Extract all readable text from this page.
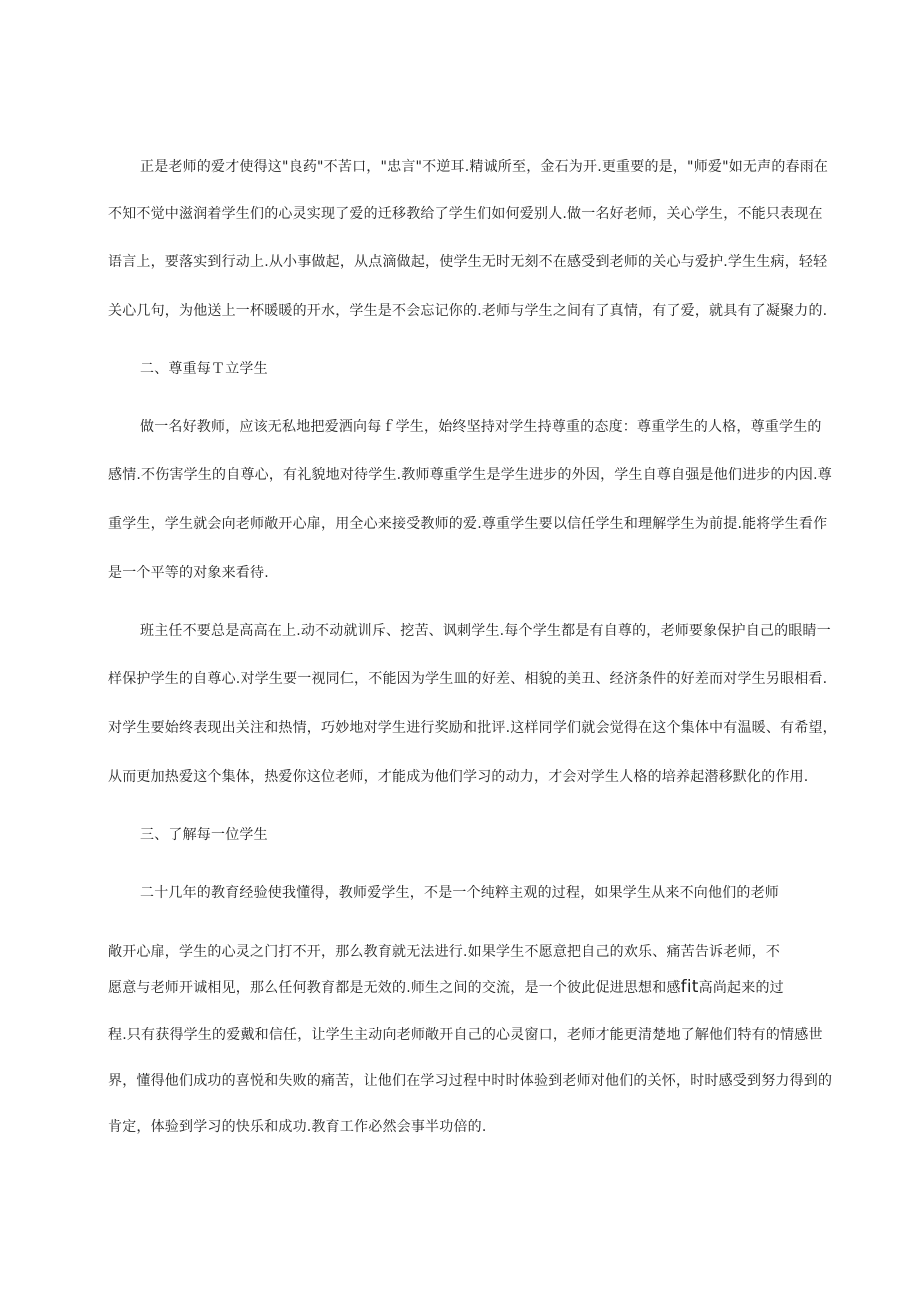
正是老师的爱才使得这"良药"不苦口，"忠言"不逆耳.精诚所至，金石为开.更重要的是，"师爱"如无声的春雨在
不知不觉中滋润着学生们的心灵实现了爱的迁移教给了学生们如何爱别人.做一名好老师，关心学生，不能只表现在
语言上，要落实到行动上.从小事做起，从点滴做起，使学生无时无刻不在感受到老师的关心与爱护.学生生病，轻轻
关心几句，为他送上一杯暖暖的开水，学生是不会忘记你的.老师与学生之间有了真情，有了爱，就具有了凝聚力的.
二、尊重每Ｔ立学生
做一名好教师，应该无私地把爱洒向每ｆ学生，始终坚持对学生持尊重的态度：尊重学生的人格，尊重学生的
感情.不伤害学生的自尊心，有礼貌地对待学生.教师尊重学生是学生进步的外因，学生自尊自强是他们进步的内因.尊
重学生，学生就会向老师敞开心扉，用全心来接受教师的爱.尊重学生要以信任学生和理解学生为前提.能将学生看作
是一个平等的对象来看待.
班主任不要总是高高在上.动不动就训斥、挖苦、讽刺学生.每个学生都是有自尊的，老师要象保护自己的眼睛一
样保护学生的自尊心.对学生要一视同仁，不能因为学生皿的好差、相貌的美丑、经济条件的好差而对学生另眼相看.
对学生要始终表现出关注和热情，巧妙地对学生进行奖励和批评.这样同学们就会觉得在这个集体中有温暖、有希望，
从而更加热爱这个集体，热爱你这位老师，才能成为他们学习的动力，才会对学生人格的培养起潜移默化的作用.
三、了解每一位学生
二十几年的教育经验使我懂得，教师爱学生，不是一个纯粹主观的过程，如果学生从来不向他们的老师
敞开心扉，学生的心灵之门打不开，那么教育就无法进行.如果学生不愿意把自己的欢乐、痛苦告诉老师，不
愿意与老师开诚相见，那么任何教育都是无效的.师生之间的交流，是一个彼此促进思想和感fit高尚起来的过
程.只有获得学生的爱戴和信任，让学生主动向老师敞开自己的心灵窗口，老师才能更清楚地了解他们特有的情感世
界，懂得他们成功的喜悦和失败的痛苦，让他们在学习过程中时时体验到老师对他们的关怀，时时感受到努力得到的
肯定，体验到学习的快乐和成功.教育工作必然会事半功倍的.
